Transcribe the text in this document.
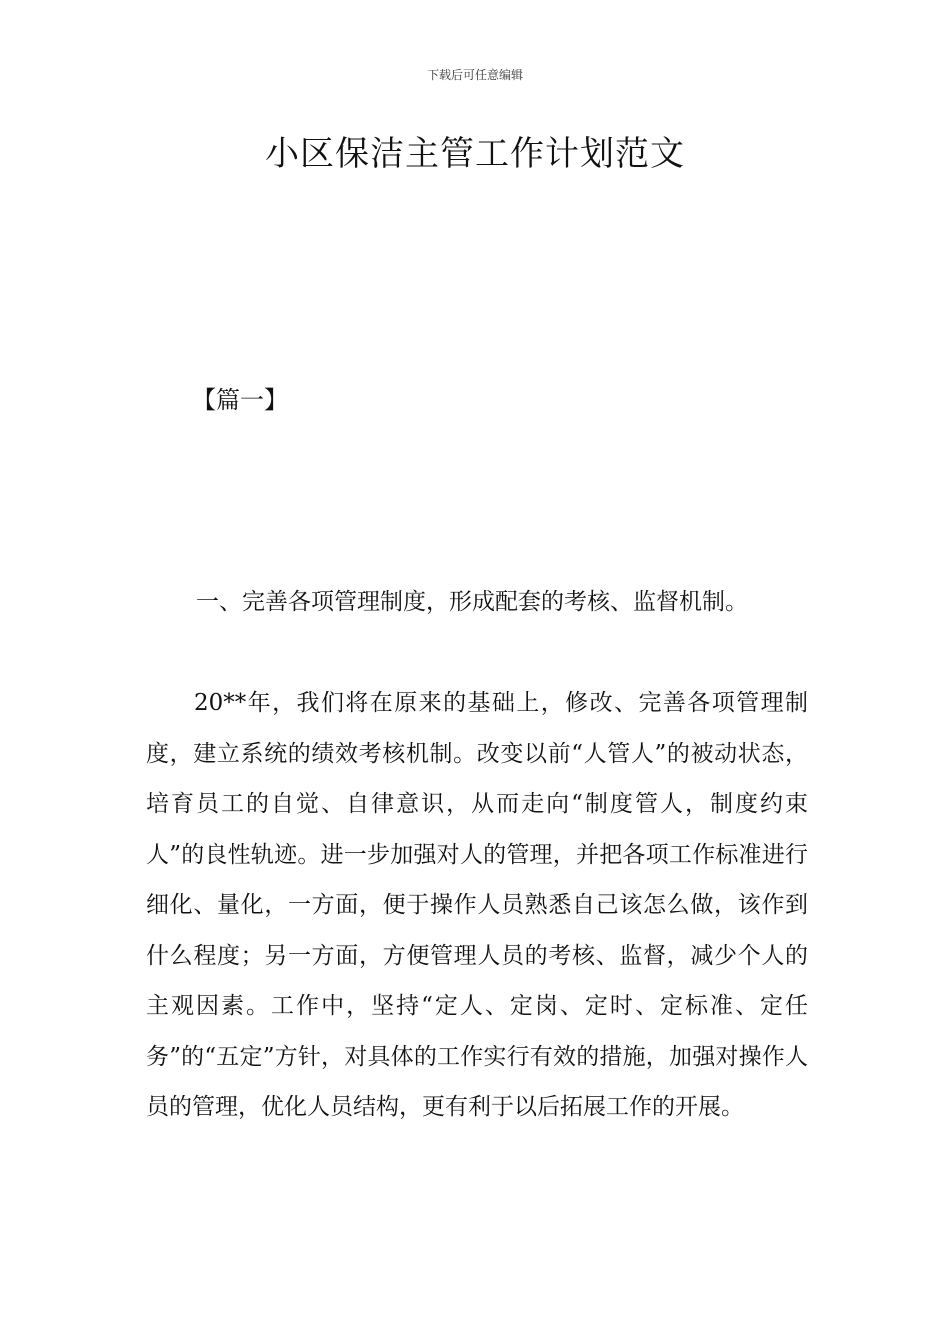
下载后可任意编辑
小区保洁主管工作计划范文
【篇一】
一、完善各项管理制度，形成配套的考核、监督机制。

20**年，我们将在原来的基础上，修改、完善各项管理制度，建立系统的绩效考核机制。改变以前“人管人”的被动状态，培育员工的自觉、自律意识，从而走向“制度管人，制度约束人”的良性轨迹。进一步加强对人的管理，并把各项工作标准进行细化、量化，一方面，便于操作人员熟悉自己该怎么做，该作到什么程度；另一方面，方便管理人员的考核、监督，减少个人的主观因素。工作中，坚持“定人、定岗、定时、定标准、定任务”的“五定”方针，对具体的工作实行有效的措施，加强对操作人员的管理，优化人员结构，更有利于以后拓展工作的开展。
